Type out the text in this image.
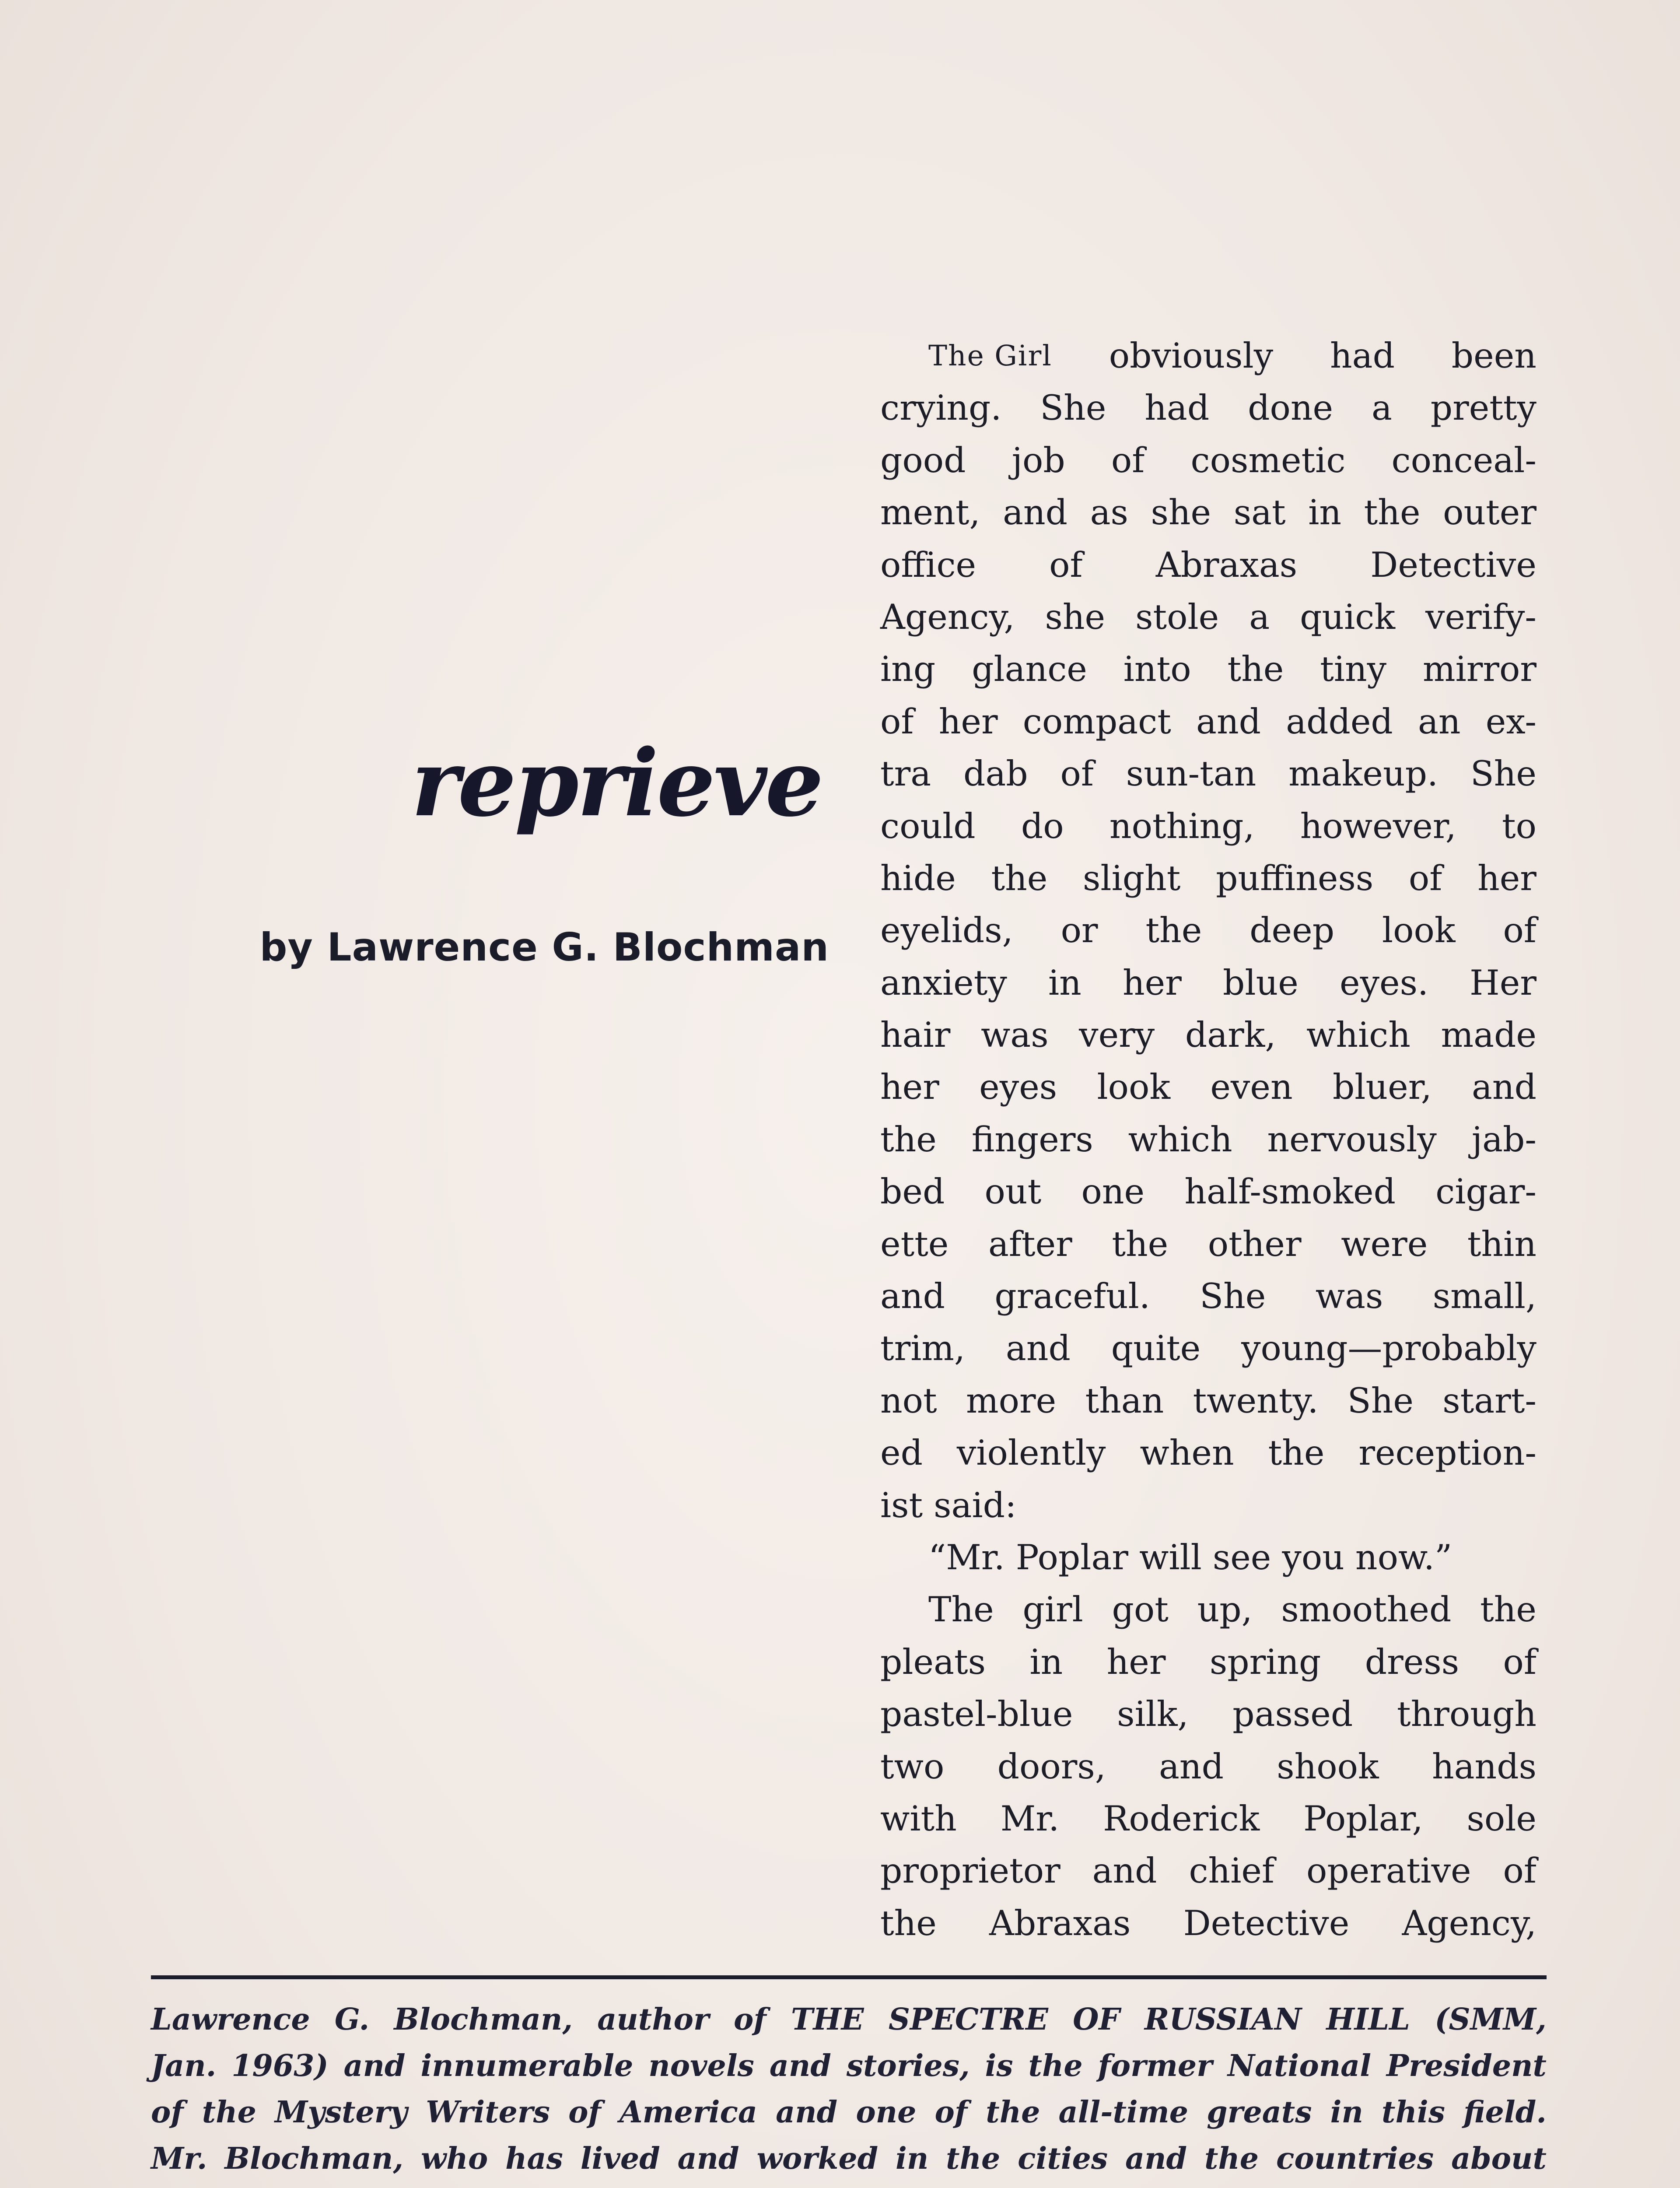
reprieve
by Lawrence G. Blochman
The Girl obviously had been
crying. She had done a pretty
good job of cosmetic conceal-
ment, and as she sat in the outer
office of Abraxas Detective
Agency, she stole a quick verify-
ing glance into the tiny mirror
of her compact and added an ex-
tra dab of sun-tan makeup. She
could do nothing, however, to
hide the slight puffiness of her
eyelids, or the deep look of
anxiety in her blue eyes. Her
hair was very dark, which made
her eyes look even bluer, and
the fingers which nervously jab-
bed out one half-smoked cigar-
ette after the other were thin
and graceful. She was small,
trim, and quite young—probably
not more than twenty. She start-
ed violently when the reception-
ist said:
“Mr. Poplar will see you now.”
The girl got up, smoothed the
pleats in her spring dress of
pastel-blue silk, passed through
two doors, and shook hands
with Mr. Roderick Poplar, sole
proprietor and chief operative of
the Abraxas Detective Agency,
Lawrence G. Blochman, author of THE SPECTRE OF RUSSIAN HILL (SMM,
Jan. 1963) and innumerable novels and stories, is the former National President
of the Mystery Writers of America and one of the all-time greats in this field.
Mr. Blochman, who has lived and worked in the cities and the countries about
